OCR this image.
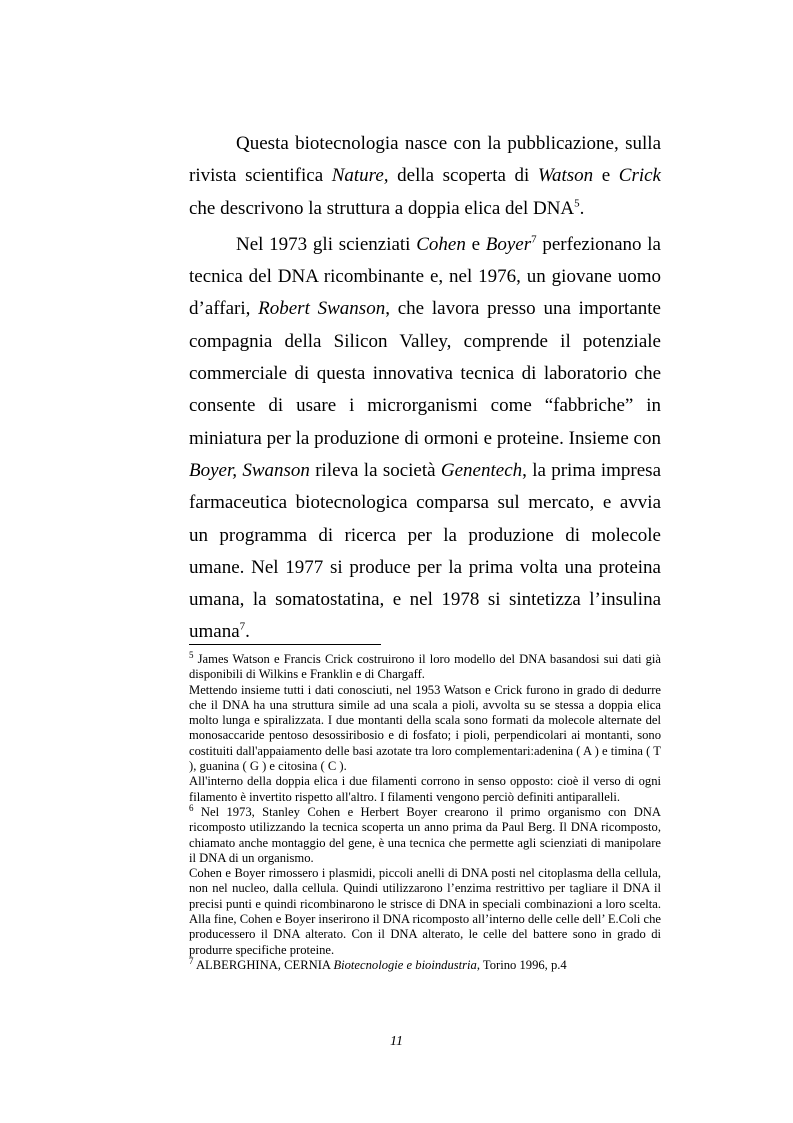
Questa biotecnologia nasce con la pubblicazione, sulla rivista scientifica Nature, della scoperta di Watson e Crick che descrivono la struttura a doppia elica del DNA$^5$.

Nel 1973 gli scienziati Cohen e Boyer$^7$ perfezionano la tecnica del DNA ricombinante e, nel 1976, un giovane uomo d’affari, Robert Swanson, che lavora presso una importante compagnia della Silicon Valley, comprende il potenziale commerciale di questa innovativa tecnica di laboratorio che consente di usare i microrganismi come “fabbriche” in miniatura per la produzione di ormoni e proteine. Insieme con Boyer, Swanson rileva la società Genentech, la prima impresa farmaceutica biotecnologica comparsa sul mercato, e avvia un programma di ricerca per la produzione di molecole umane. Nel 1977 si produce per la prima volta una proteina umana, la somatostatina, e nel 1978 si sintetizza l’insulina umana$^7$.

$^5$ James Watson e Francis Crick costruirono il loro modello del DNA basandosi sui dati già disponibili di Wilkins e Franklin e di Chargaff.

Mettendo insieme tutti i dati conosciuti, nel 1953 Watson e Crick furono in grado di dedurre che il DNA ha una struttura simile ad una scala a pioli, avvolta su se stessa a doppia elica molto lunga e spiralizzata. I due montanti della scala sono formati da molecole alternate del monosaccaride pentoso desossiribosio e di fosfato; i pioli, perpendicolari ai montanti, sono costituiti dall'appaiamento delle basi azotate tra loro complementari:adenina ( A ) e timina ( T ), guanina ( G ) e citosina ( C ).

All'interno della doppia elica i due filamenti corrono in senso opposto: cioè il verso di ogni filamento è invertito rispetto all'altro. I filamenti vengono perciò definiti antiparalleli.

$^6$ Nel 1973, Stanley Cohen e Herbert Boyer crearono il primo organismo con DNA ricomposto utilizzando la tecnica scoperta un anno prima da Paul Berg. Il DNA ricomposto, chiamato anche montaggio del gene, è una tecnica che permette agli scienziati di manipolare il DNA di un organismo.

Cohen e Boyer rimossero i plasmidi, piccoli anelli di DNA posti nel citoplasma della cellula, non nel nucleo, dalla cellula. Quindi utilizzarono l’enzima restrittivo per tagliare il DNA il precisi punti e quindi ricombinarono le strisce di DNA in speciali combinazioni a loro scelta. Alla fine, Cohen e Boyer inserirono il DNA ricomposto all’interno delle celle dell’ E.Coli che producessero il DNA alterato. Con il DNA alterato, le celle del battere sono in grado di produrre specifiche proteine.

$^7$ ALBERGHINA, CERNIA Biotecnologie e bioindustria, Torino 1996, p.4

11
